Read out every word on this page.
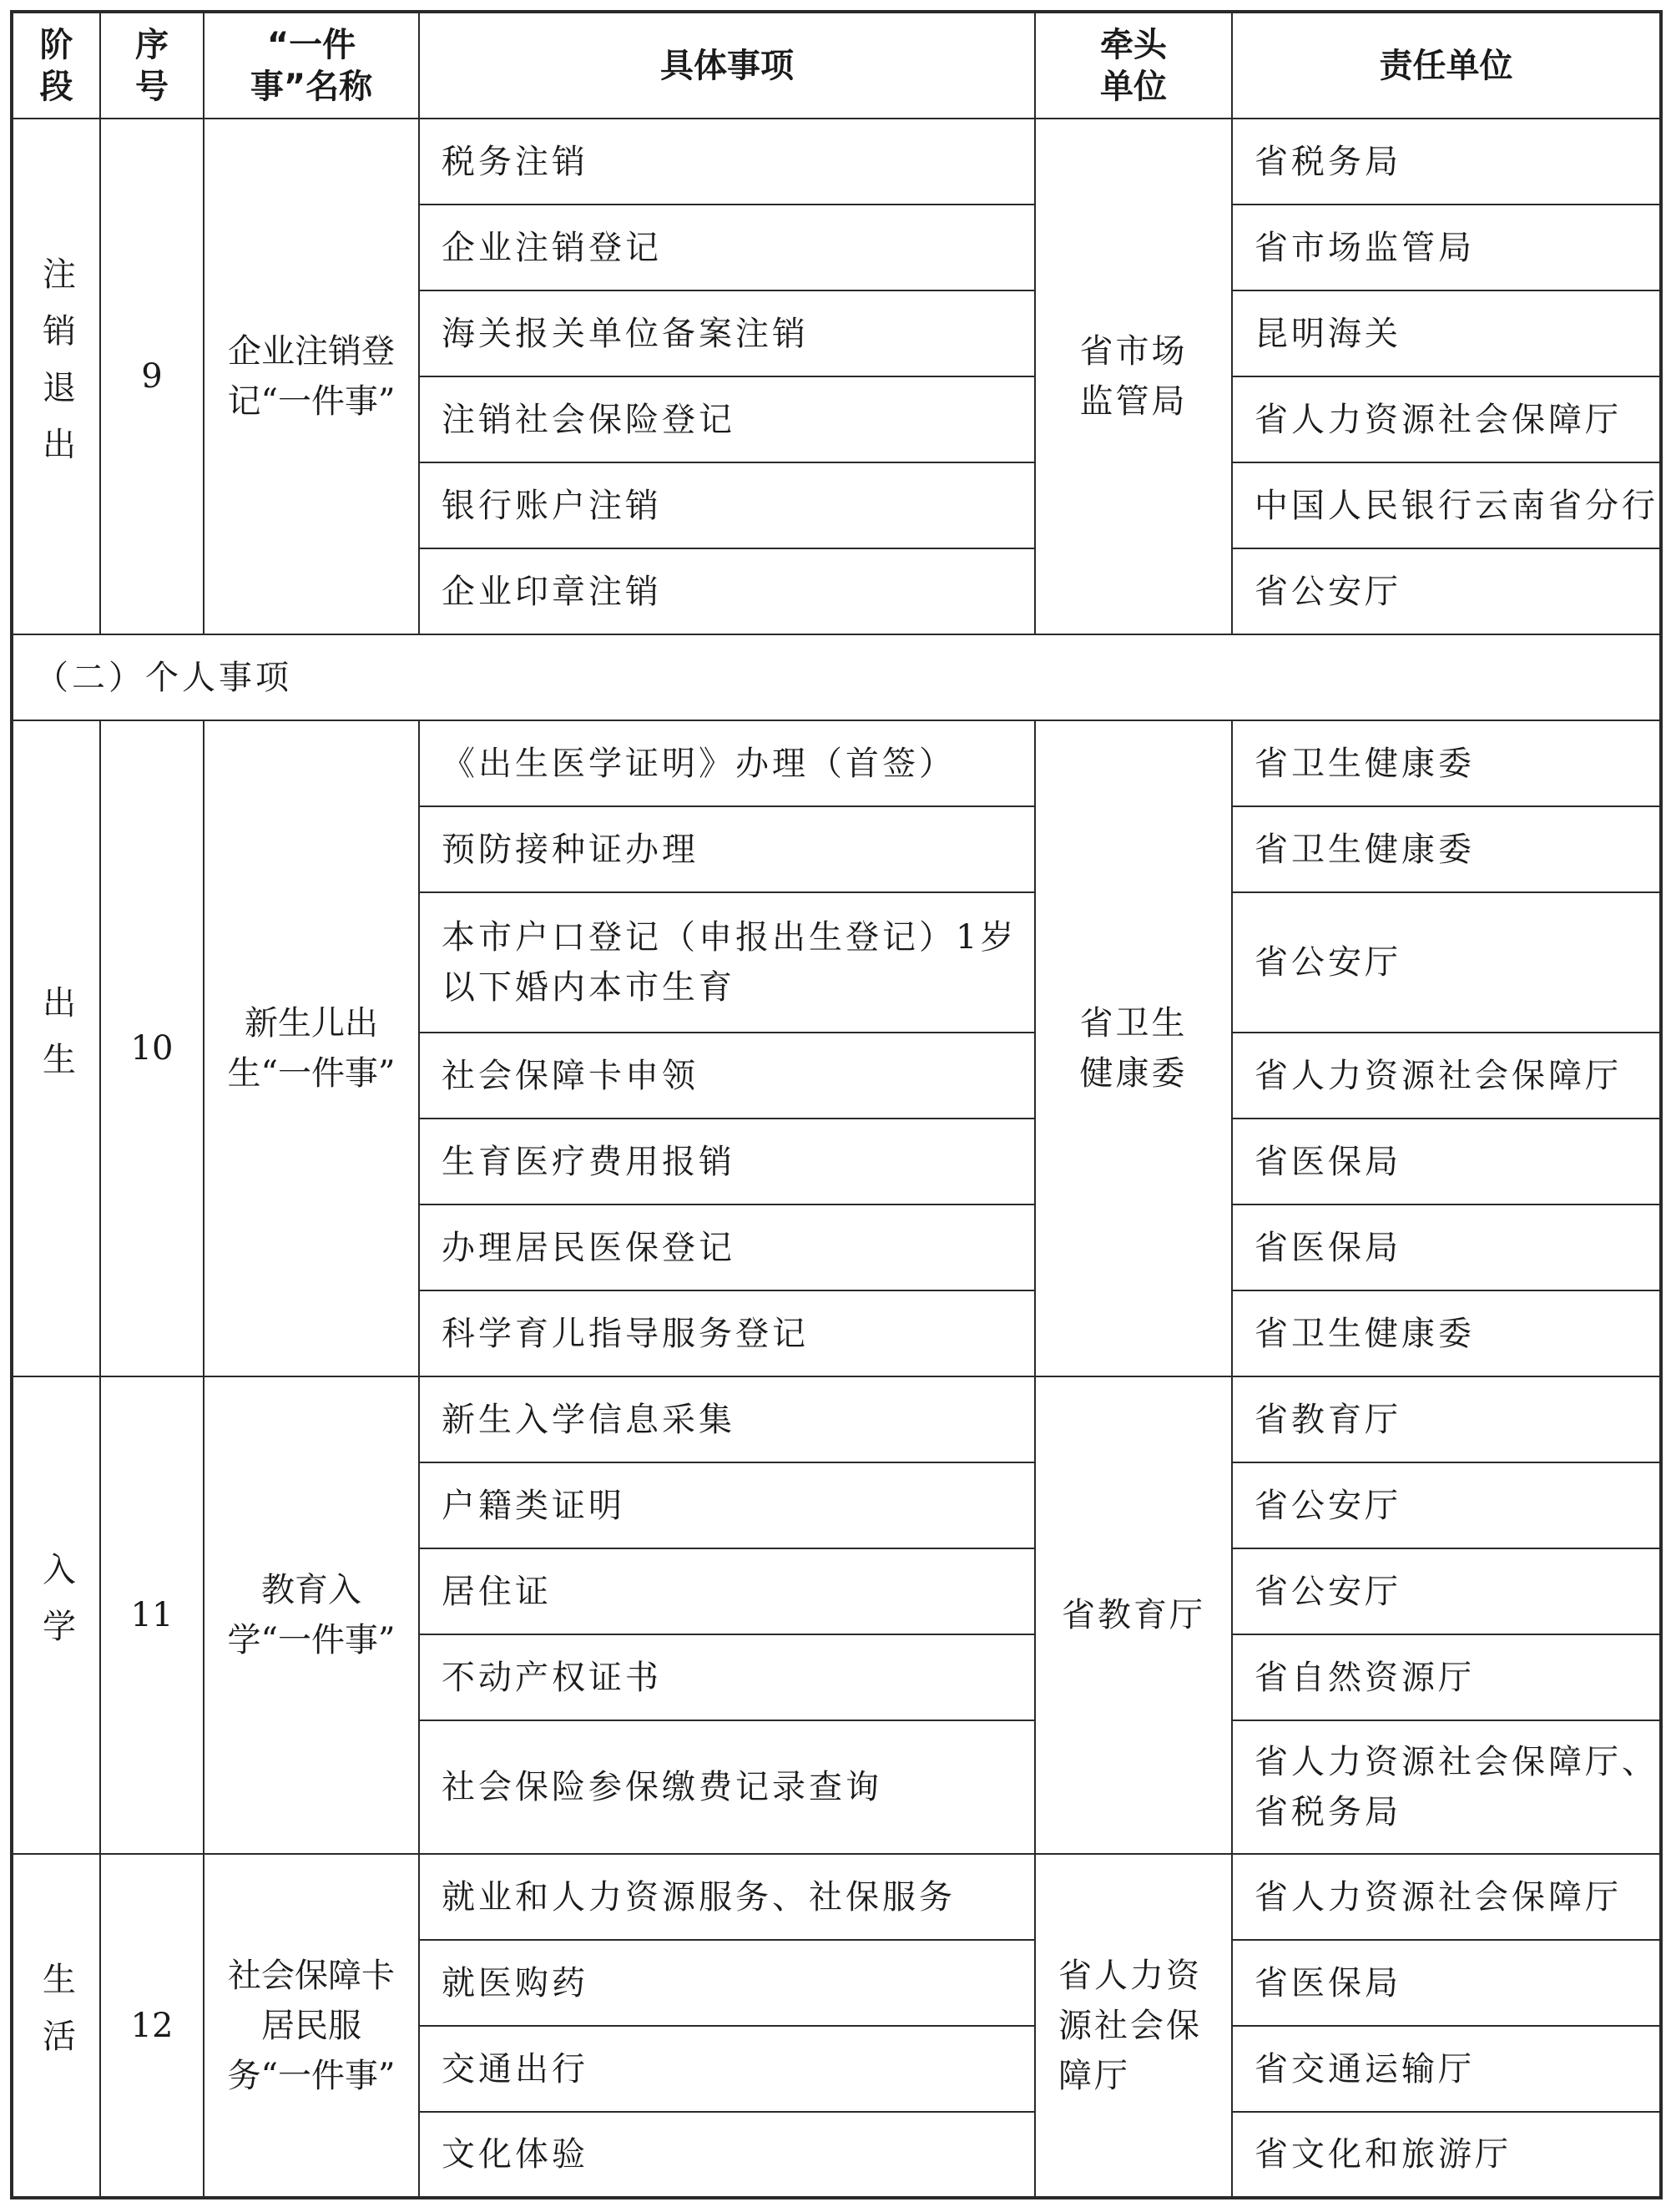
阶段	序号	“一件事”名称	具体事项	牵头单位	责任单位
注销退出	9	企业注销登记“一件事”	税务注销	省市场监管局	省税务局
			企业注销登记		省市场监管局
			海关报关单位备案注销		昆明海关
			注销社会保险登记		省人力资源社会保障厅
			银行账户注销		中国人民银行云南省分行
			企业印章注销		省公安厅
（二）个人事项					
出生	10	新生儿出生“一件事”	《出生医学证明》办理（首签）	省卫生健康委	省卫生健康委
			预防接种证办理		省卫生健康委
			本市户口登记（申报出生登记）1岁以下婚内本市生育		省公安厅
			社会保障卡申领		省人力资源社会保障厅
			生育医疗费用报销		省医保局
			办理居民医保登记		省医保局
			科学育儿指导服务登记		省卫生健康委
入学	11	教育入学“一件事”	新生入学信息采集	省教育厅	省教育厅
			户籍类证明		省公安厅
			居住证		省公安厅
			不动产权证书		省自然资源厅
			社会保险参保缴费记录查询		省人力资源社会保障厅、省税务局
生活	12	社会保障卡居民服务“一件事”	就业和人力资源服务、社保服务	省人力资源社会保障厅	省人力资源社会保障厅
			就医购药		省医保局
			交通出行		省交通运输厅
			文化体验		省文化和旅游厅
